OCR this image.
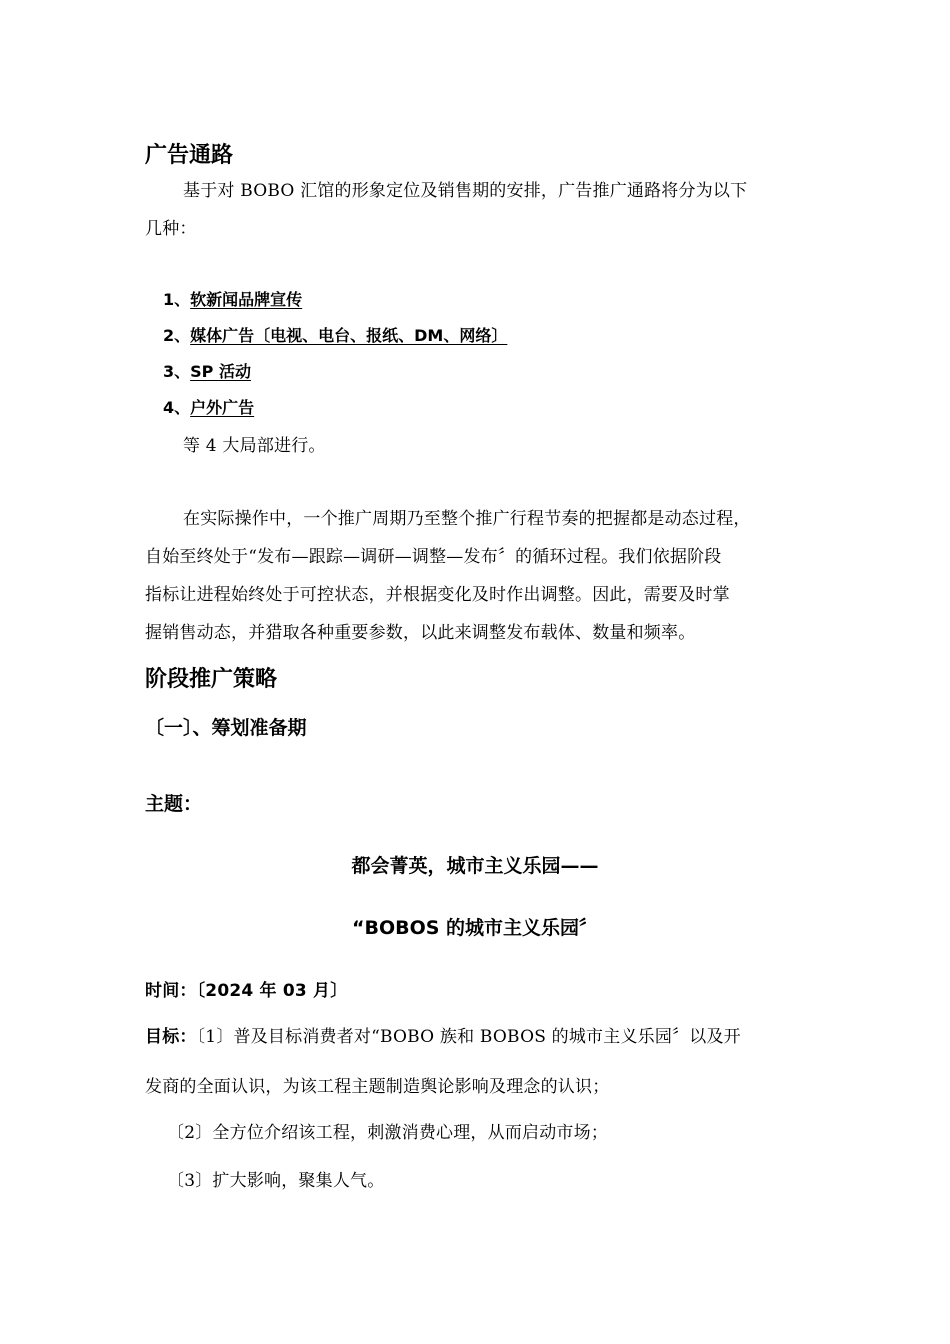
广告通路
基于对 BOBO 汇馆的形象定位及销售期的安排，广告推广通路将分为以下
几种：
1、软新闻品牌宣传
2、媒体广告〔电视、电台、报纸、DM、网络〕
3、SP 活动
4、户外广告
等 4 大局部进行。
在实际操作中，一个推广周期乃至整个推广行程节奏的把握都是动态过程，
自始至终处于“发布—跟踪—调研—调整—发布〞的循环过程。我们依据阶段
指标让进程始终处于可控状态，并根据变化及时作出调整。因此，需要及时掌
握销售动态，并猎取各种重要参数，以此来调整发布载体、数量和频率。
阶段推广策略
〔一〕、筹划准备期
主题：
都会菁英，城市主义乐园——
“BOBOS 的城市主义乐园〞
时间：〔2024 年 03 月〕
目标：〔1〕普及目标消费者对“BOBO 族和 BOBOS 的城市主义乐园〞以及开
发商的全面认识，为该工程主题制造舆论影响及理念的认识；
〔2〕全方位介绍该工程，刺激消费心理，从而启动市场；
〔3〕扩大影响，聚集人气。
